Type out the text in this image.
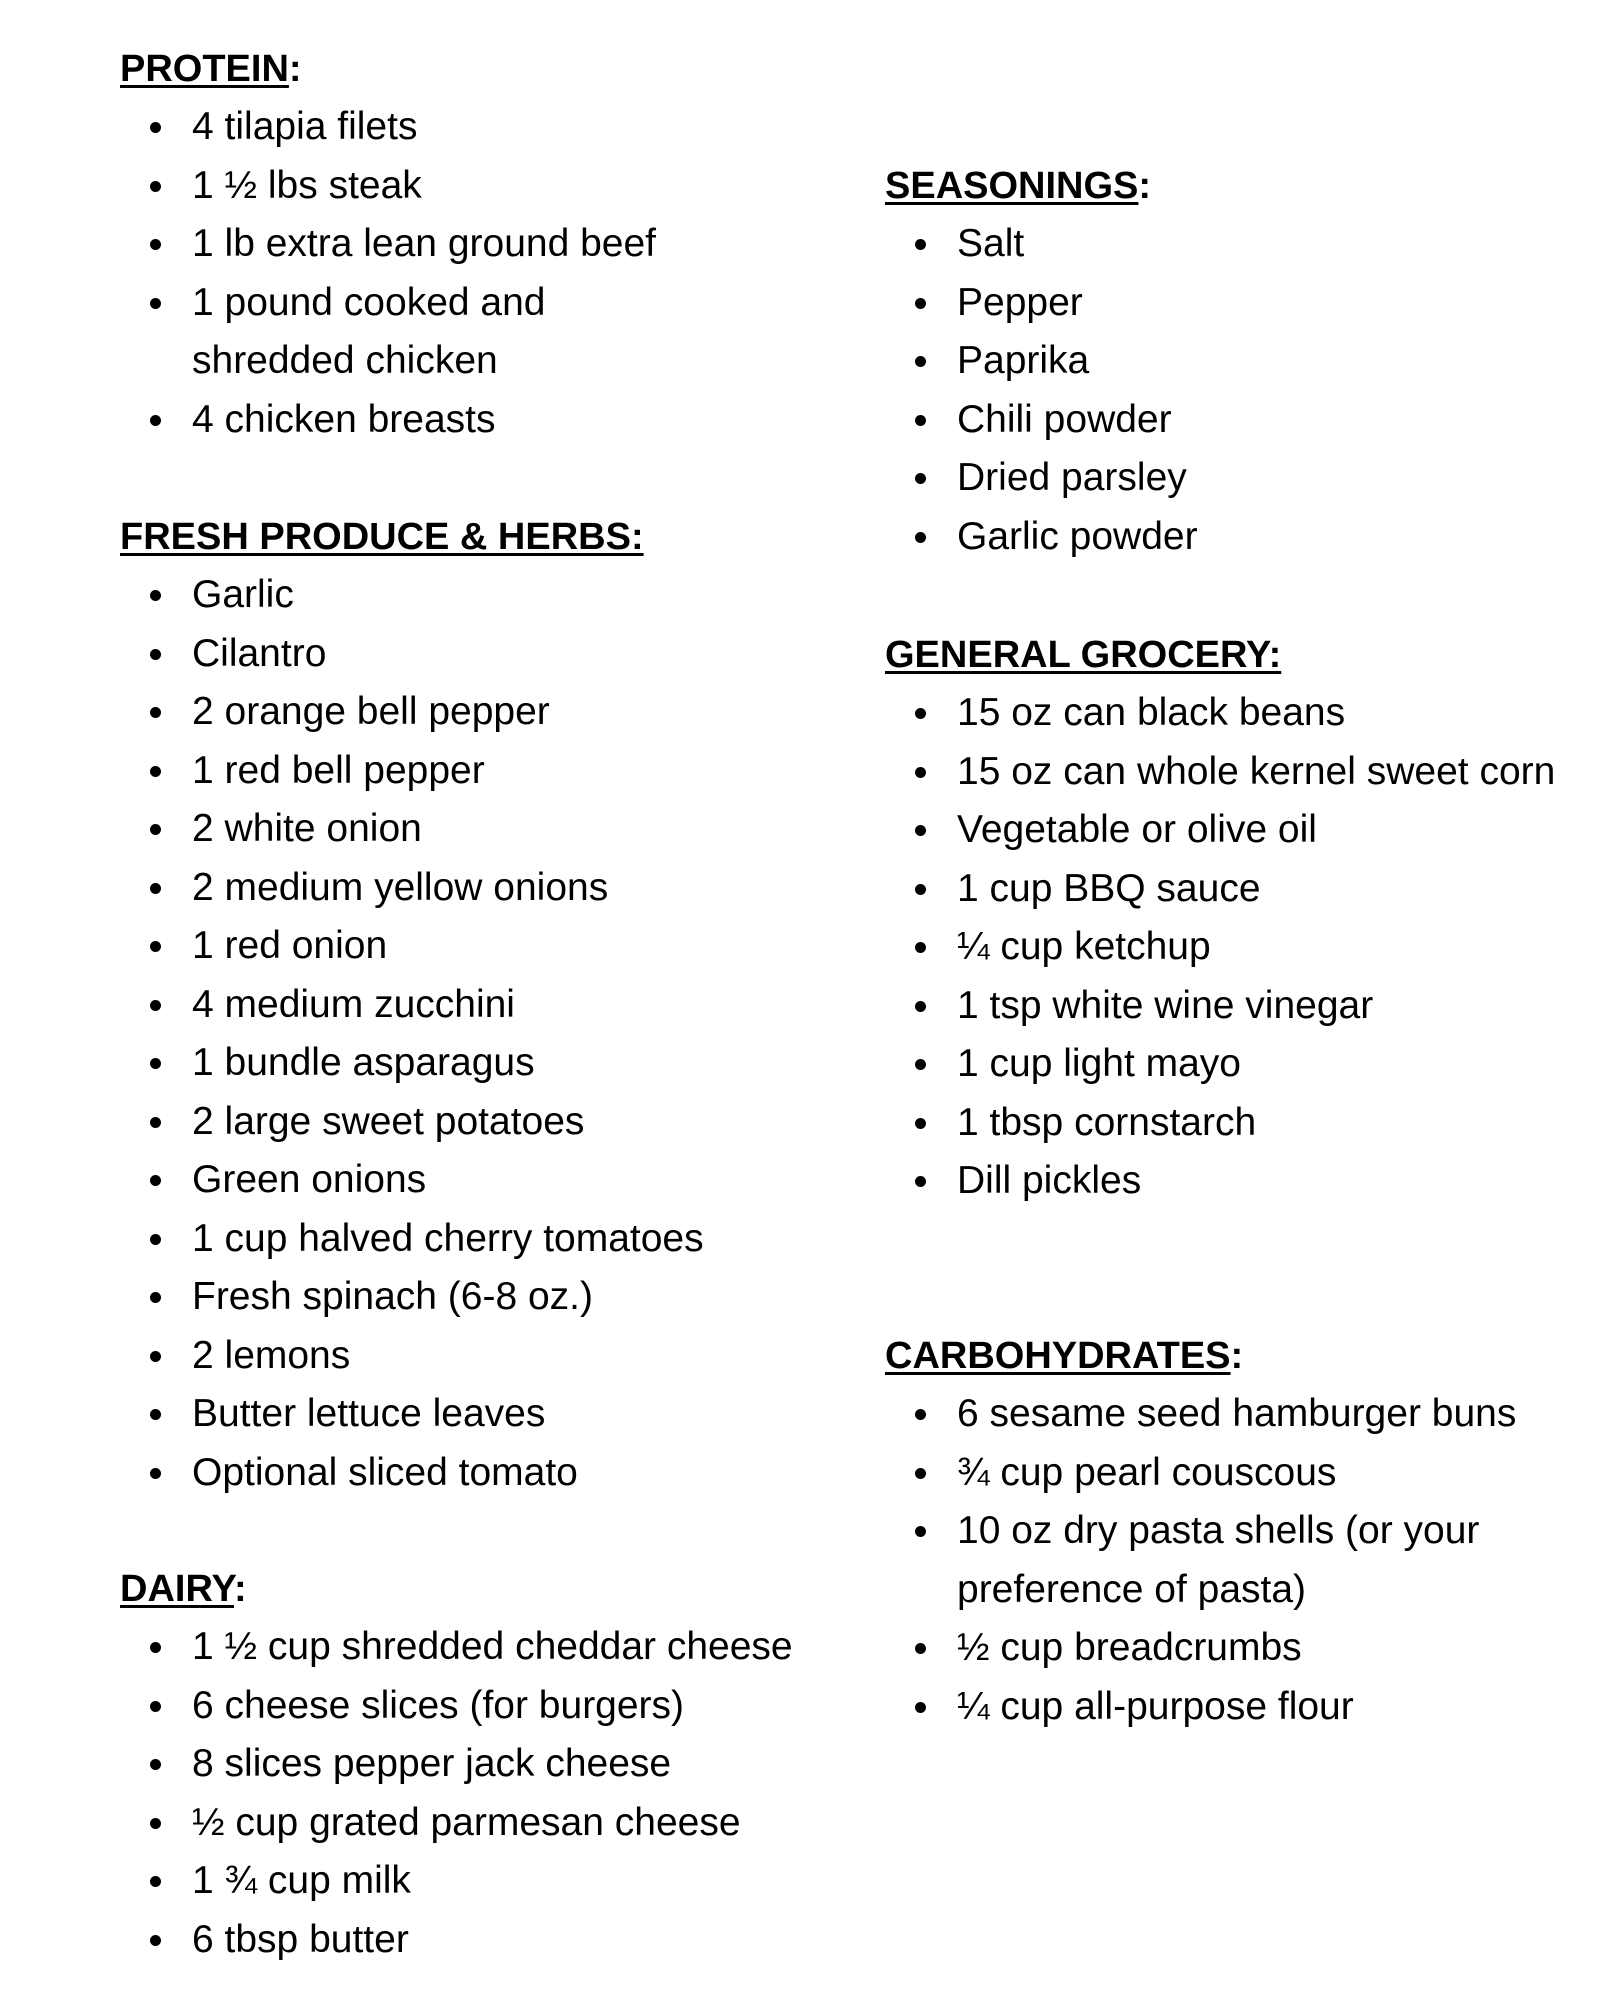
PROTEIN:
4 tilapia filets
1 ½ lbs steak
1 lb extra lean ground beef
1 pound cooked and shredded chicken
4 chicken breasts
FRESH PRODUCE & HERBS:
Garlic
Cilantro
2 orange bell pepper
1 red bell pepper
2 white onion
2 medium yellow onions
1 red onion
4 medium zucchini
1 bundle asparagus
2 large sweet potatoes
Green onions
1 cup halved cherry tomatoes
Fresh spinach (6-8 oz.)
2 lemons
Butter lettuce leaves
Optional sliced tomato
DAIRY:
1 ½ cup shredded cheddar cheese
6 cheese slices (for burgers)
8 slices pepper jack cheese
½ cup grated parmesan cheese
1 ¾ cup milk
6 tbsp butter
SEASONINGS:
Salt
Pepper
Paprika
Chili powder
Dried parsley
Garlic powder
GENERAL GROCERY:
15 oz can black beans
15 oz can whole kernel sweet corn
Vegetable or olive oil
1 cup BBQ sauce
¼ cup ketchup
1 tsp white wine vinegar
1 cup light mayo
1 tbsp cornstarch
Dill pickles
CARBOHYDRATES:
6 sesame seed hamburger buns
¾ cup pearl couscous
10 oz dry pasta shells (or your preference of pasta)
½ cup breadcrumbs
¼ cup all-purpose flour
